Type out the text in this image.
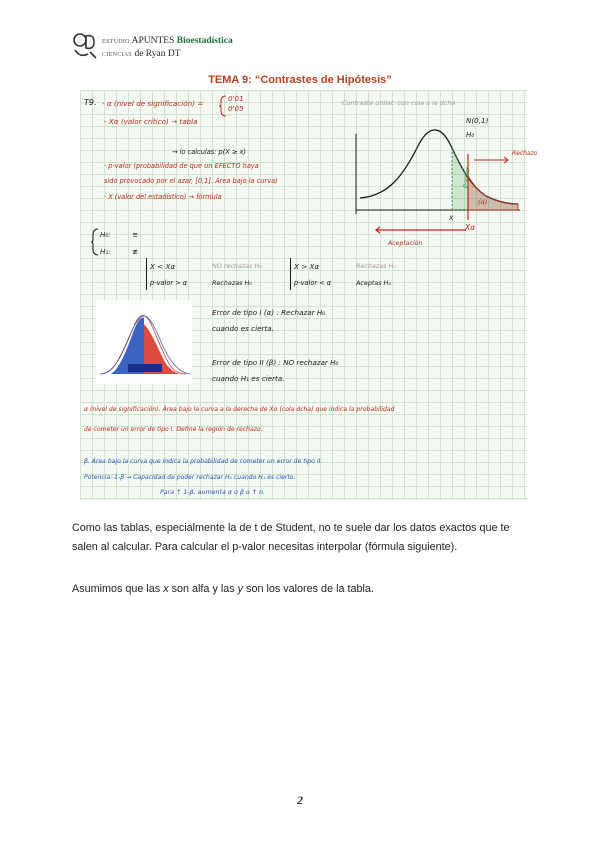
ESTUDIO APUNTES Bioestadística
CIENCIAS de Ryan DT
TEMA 9: “Contrastes de Hipótesis”
T9. - α (nivel de significación) =
0'01
0'05
- Xα (valor crítico) → tabla
→ lo calculas: p(X ≥ x)
· p-valor (probabilidad de que un EFECTO haya
sido provocado por el azar, [0,1]. Área bajo la curva)
· X (valor del estadístico) → fórmula
H₀:	≡
H₁:	≢
X < Xα	NO rechazas H₀	X > Xα	Rechazas H₀
p-valor > α	Rechazas H₀	p-valor < α	Aceptas H₀
Contraste unilat. con cola a la dcha
N(0,1)
H₀
Rechazo
p-valor
(α)
X
Xα
Aceptación
Error de tipo I (α) : Rechazar H₀
cuando es cierta.
Error de tipo II (β) : NO rechazar H₀
cuando H₁ es cierta.
α (nivel de significación). Área bajo la curva a la derecha de Xα (cola dcha) que indica la probabilidad
de cometer un error de tipo I. Define la región de rechazo.
β. Área bajo la curva que indica la probabilidad de cometer un error de tipo II.
Potencia: 1-β → Capacidad de poder rechazar H₀ cuando H₁ es cierto.
Para ↑ 1-β, aumenta α o β o ↑ n.

Como las tablas, especialmente la de t de Student, no te suele dar los datos exactos que te salen al calcular. Para calcular el p-valor necesitas interpolar (fórmula siguiente).

Asumimos que las x son alfa y las y son los valores de la tabla.

2
